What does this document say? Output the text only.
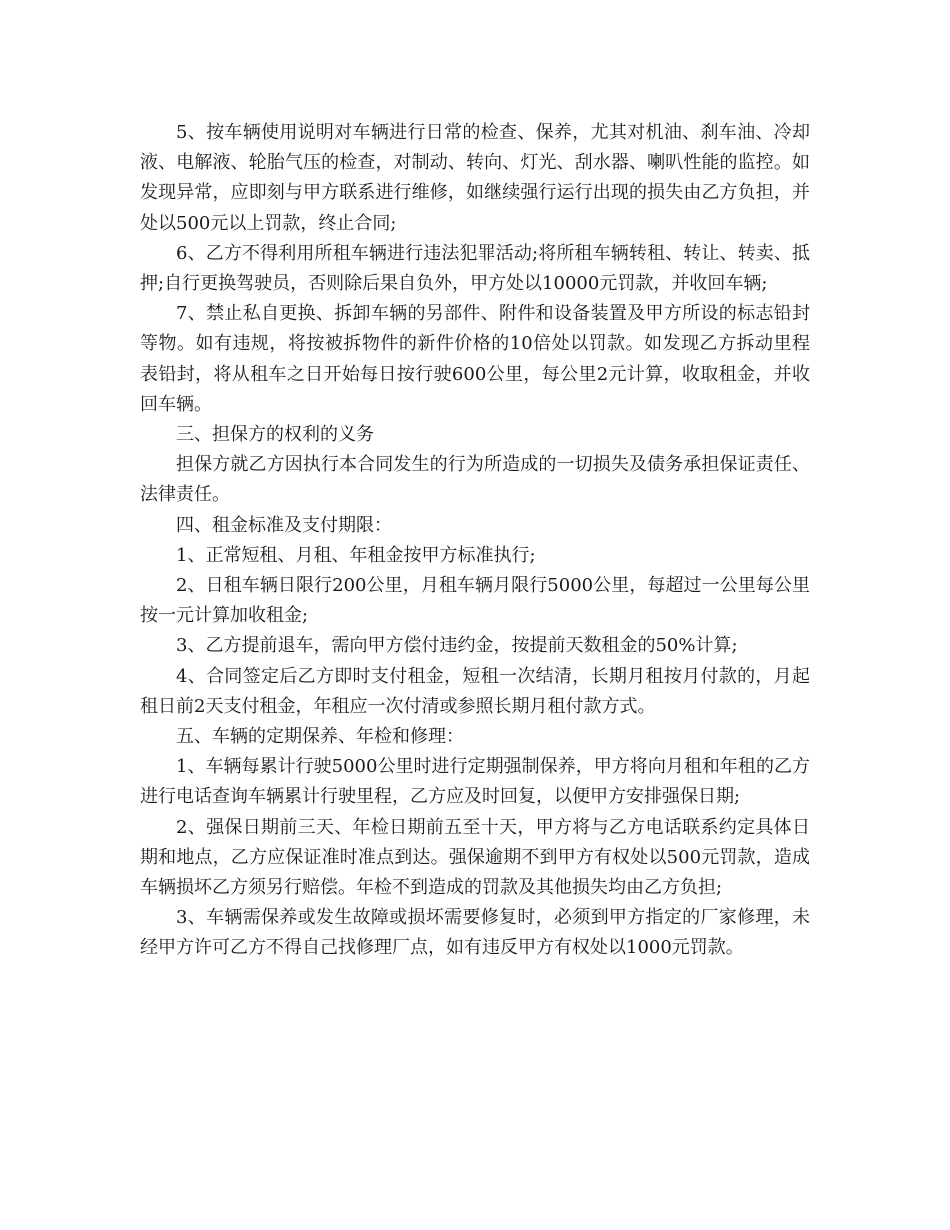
5、按车辆使用说明对车辆进行日常的检查、保养，尤其对机油、刹车油、冷却液、电解液、轮胎气压的检查，对制动、转向、灯光、刮水器、喇叭性能的监控。如发现异常，应即刻与甲方联系进行维修，如继续强行运行出现的损失由乙方负担，并处以500元以上罚款，终止合同;

6、乙方不得利用所租车辆进行违法犯罪活动;将所租车辆转租、转让、转卖、抵押;自行更换驾驶员，否则除后果自负外，甲方处以10000元罚款，并收回车辆;

7、禁止私自更换、拆卸车辆的另部件、附件和设备装置及甲方所设的标志铅封等物。如有违规，将按被拆物件的新件价格的10倍处以罚款。如发现乙方拆动里程表铅封，将从租车之日开始每日按行驶600公里，每公里2元计算，收取租金，并收回车辆。

三、担保方的权利的义务

担保方就乙方因执行本合同发生的行为所造成的一切损失及债务承担保证责任、法律责任。

四、租金标准及支付期限：

1、正常短租、月租、年租金按甲方标准执行;

2、日租车辆日限行200公里，月租车辆月限行5000公里，每超过一公里每公里按一元计算加收租金;

3、乙方提前退车，需向甲方偿付违约金，按提前天数租金的50%计算;

4、合同签定后乙方即时支付租金，短租一次结清，长期月租按月付款的，月起租日前2天支付租金，年租应一次付清或参照长期月租付款方式。

五、车辆的定期保养、年检和修理：

1、车辆每累计行驶5000公里时进行定期强制保养，甲方将向月租和年租的乙方进行电话查询车辆累计行驶里程，乙方应及时回复，以便甲方安排强保日期;

2、强保日期前三天、年检日期前五至十天，甲方将与乙方电话联系约定具体日期和地点，乙方应保证准时准点到达。强保逾期不到甲方有权处以500元罚款，造成车辆损坏乙方须另行赔偿。年检不到造成的罚款及其他损失均由乙方负担;

3、车辆需保养或发生故障或损坏需要修复时，必须到甲方指定的厂家修理，未经甲方许可乙方不得自己找修理厂点，如有违反甲方有权处以1000元罚款。
